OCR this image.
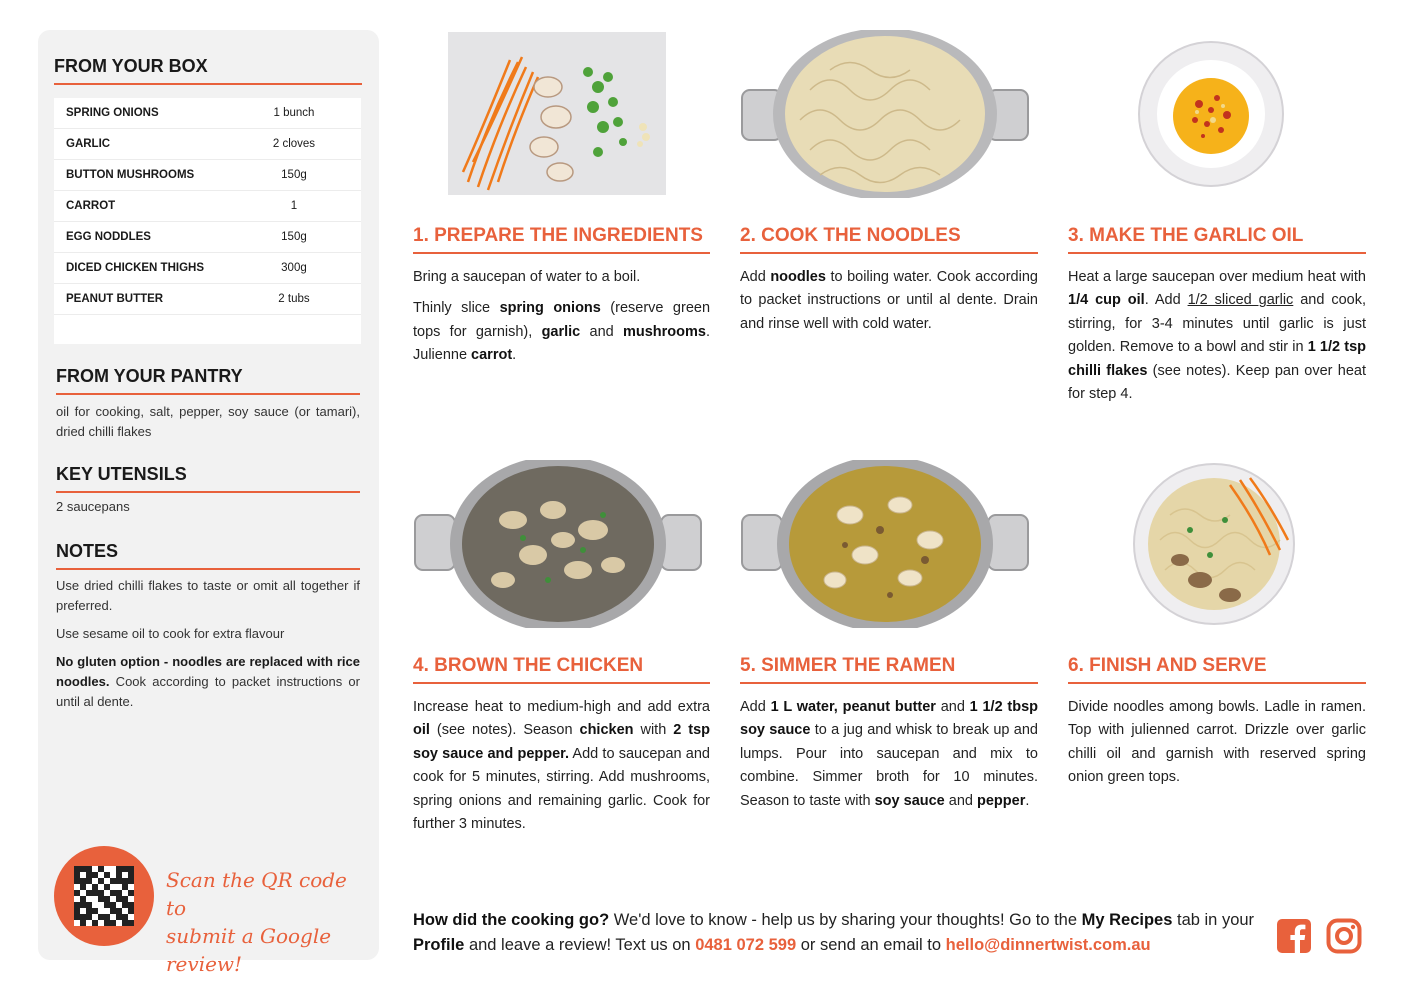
FROM YOUR BOX
SPRING ONIONS	1 bunch
GARLIC	2 cloves
BUTTON MUSHROOMS	150g
CARROT	1
EGG NODDLES	150g
DICED CHICKEN THIGHS	300g
PEANUT BUTTER	2 tubs
FROM YOUR PANTRY
oil for cooking, salt, pepper, soy sauce (or tamari), dried chilli flakes
KEY UTENSILS
2 saucepans
NOTES

Use dried chilli flakes to taste or omit all together if preferred.

Use sesame oil to cook for extra flavour

No gluten option - noodles are replaced with rice noodles. Cook according to packet instructions or until al dente.

Scan the QR code to
submit a Google review!
1. PREPARE THE INGREDIENTS

Bring a saucepan of water to a boil.

Thinly slice spring onions (reserve green tops for garnish), garlic and mushrooms. Julienne carrot.

2. COOK THE NOODLES

Add noodles to boiling water. Cook according to packet instructions or until al dente. Drain and rinse well with cold water.

3. MAKE THE GARLIC OIL

Heat a large saucepan over medium heat with 1/4 cup oil. Add 1/2 sliced garlic and cook, stirring, for 3-4 minutes until garlic is just golden. Remove to a bowl and stir in 1 1/2 tsp chilli flakes (see notes). Keep pan over heat for step 4.

4. BROWN THE CHICKEN

Increase heat to medium-high and add extra oil (see notes). Season chicken with 2 tsp soy sauce and pepper. Add to saucepan and cook for 5 minutes, stirring. Add mushrooms, spring onions and remaining garlic. Cook for further 3 minutes.

5. SIMMER THE RAMEN

Add 1 L water, peanut butter and 1 1/2 tbsp soy sauce to a jug and whisk to break up and lumps. Pour into saucepan and mix to combine. Simmer broth for 10 minutes. Season to taste with soy sauce and pepper.

6. FINISH AND SERVE

Divide noodles among bowls. Ladle in ramen. Top with julienned carrot. Drizzle over garlic chilli oil and garnish with reserved spring onion green tops.

How did the cooking go? We'd love to know - help us by sharing your thoughts! Go to the My Recipes tab in your Profile and leave a review! Text us on 0481 072 599 or send an email to hello@dinnertwist.com.au
